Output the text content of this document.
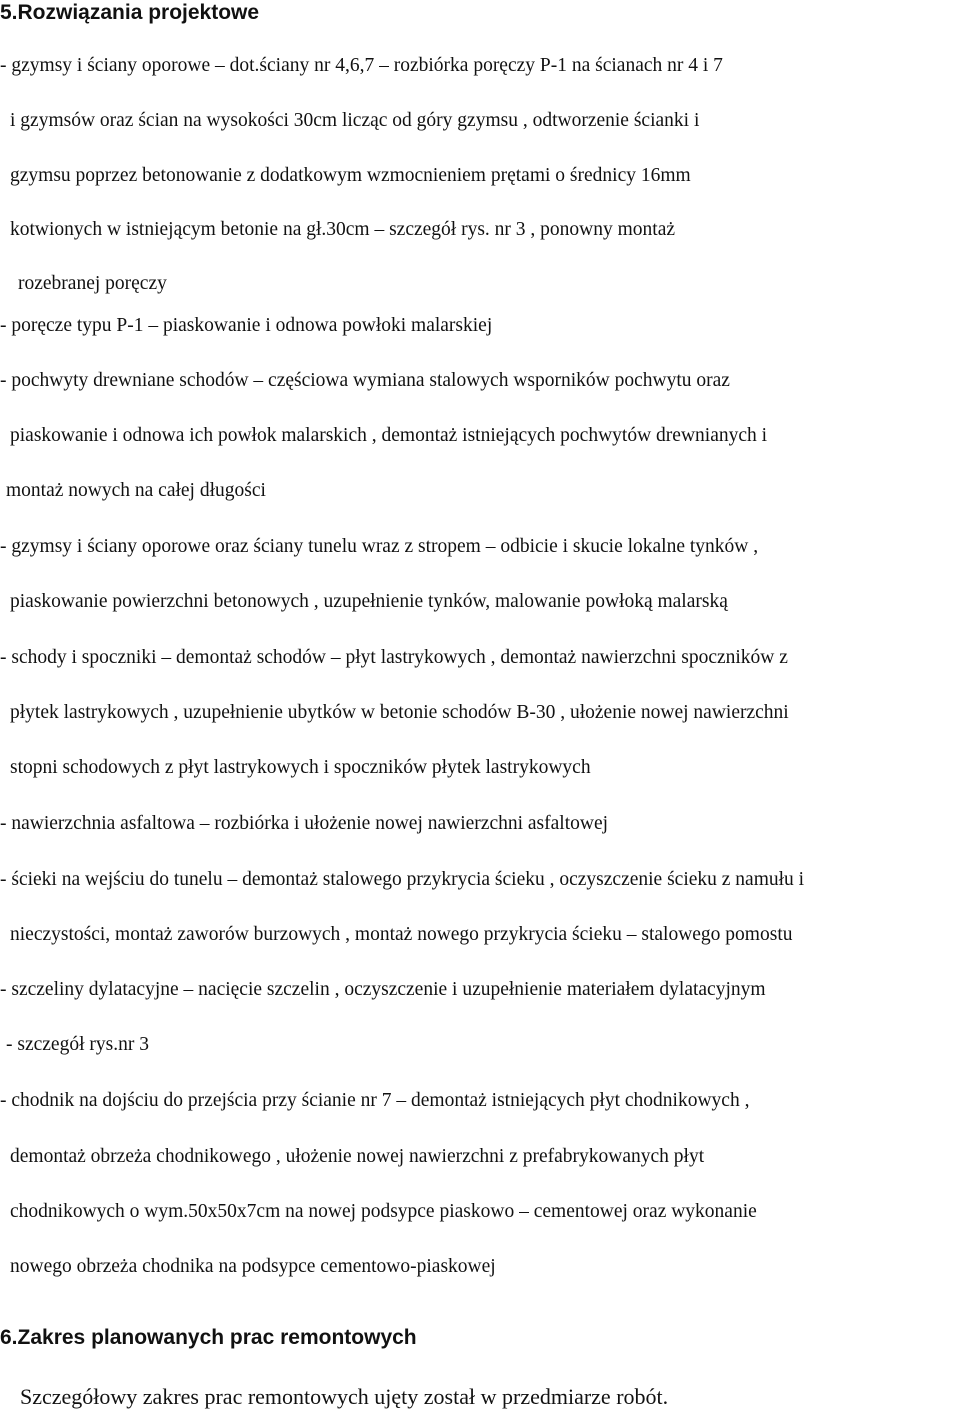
5.Rozwiązania projektowe
- gzymsy i ściany oporowe – dot.ściany nr 4,6,7 – rozbiórka poręczy P-1 na ścianach nr 4 i 7
i gzymsów oraz ścian na wysokości 30cm licząc od góry gzymsu , odtworzenie ścianki i
gzymsu poprzez betonowanie z dodatkowym wzmocnieniem prętami o średnicy 16mm
kotwionych w istniejącym betonie na gł.30cm – szczegół rys. nr 3 , ponowny montaż
rozebranej poręczy
- poręcze typu P-1 – piaskowanie i odnowa powłoki malarskiej
- pochwyty drewniane schodów – częściowa wymiana stalowych wsporników pochwytu oraz
piaskowanie i odnowa ich powłok malarskich , demontaż istniejących pochwytów drewnianych i
montaż nowych na całej długości
- gzymsy i ściany oporowe oraz ściany tunelu wraz z stropem – odbicie i skucie lokalne tynków ,
piaskowanie powierzchni betonowych , uzupełnienie tynków, malowanie powłoką malarską
- schody i spoczniki – demontaż schodów – płyt lastrykowych , demontaż nawierzchni spoczników z
płytek lastrykowych , uzupełnienie ubytków w betonie schodów B-30 , ułożenie nowej nawierzchni
stopni schodowych z płyt lastrykowych i spoczników płytek lastrykowych
- nawierzchnia asfaltowa – rozbiórka i ułożenie nowej nawierzchni asfaltowej
- ścieki na wejściu do tunelu – demontaż stalowego przykrycia ścieku , oczyszczenie ścieku z namułu i
nieczystości, montaż zaworów burzowych , montaż nowego przykrycia ścieku – stalowego pomostu
- szczeliny dylatacyjne – nacięcie szczelin , oczyszczenie i uzupełnienie materiałem dylatacyjnym
- szczegół rys.nr 3
- chodnik na dojściu do przejścia przy ścianie nr 7 – demontaż istniejących płyt chodnikowych ,
demontaż obrzeża chodnikowego , ułożenie nowej nawierzchni z prefabrykowanych płyt
chodnikowych o wym.50x50x7cm na nowej podsypce piaskowo – cementowej oraz wykonanie
nowego obrzeża chodnika na podsypce cementowo-piaskowej
6.Zakres planowanych prac remontowych
Szczegółowy zakres prac remontowych ujęty został w przedmiarze robót.
